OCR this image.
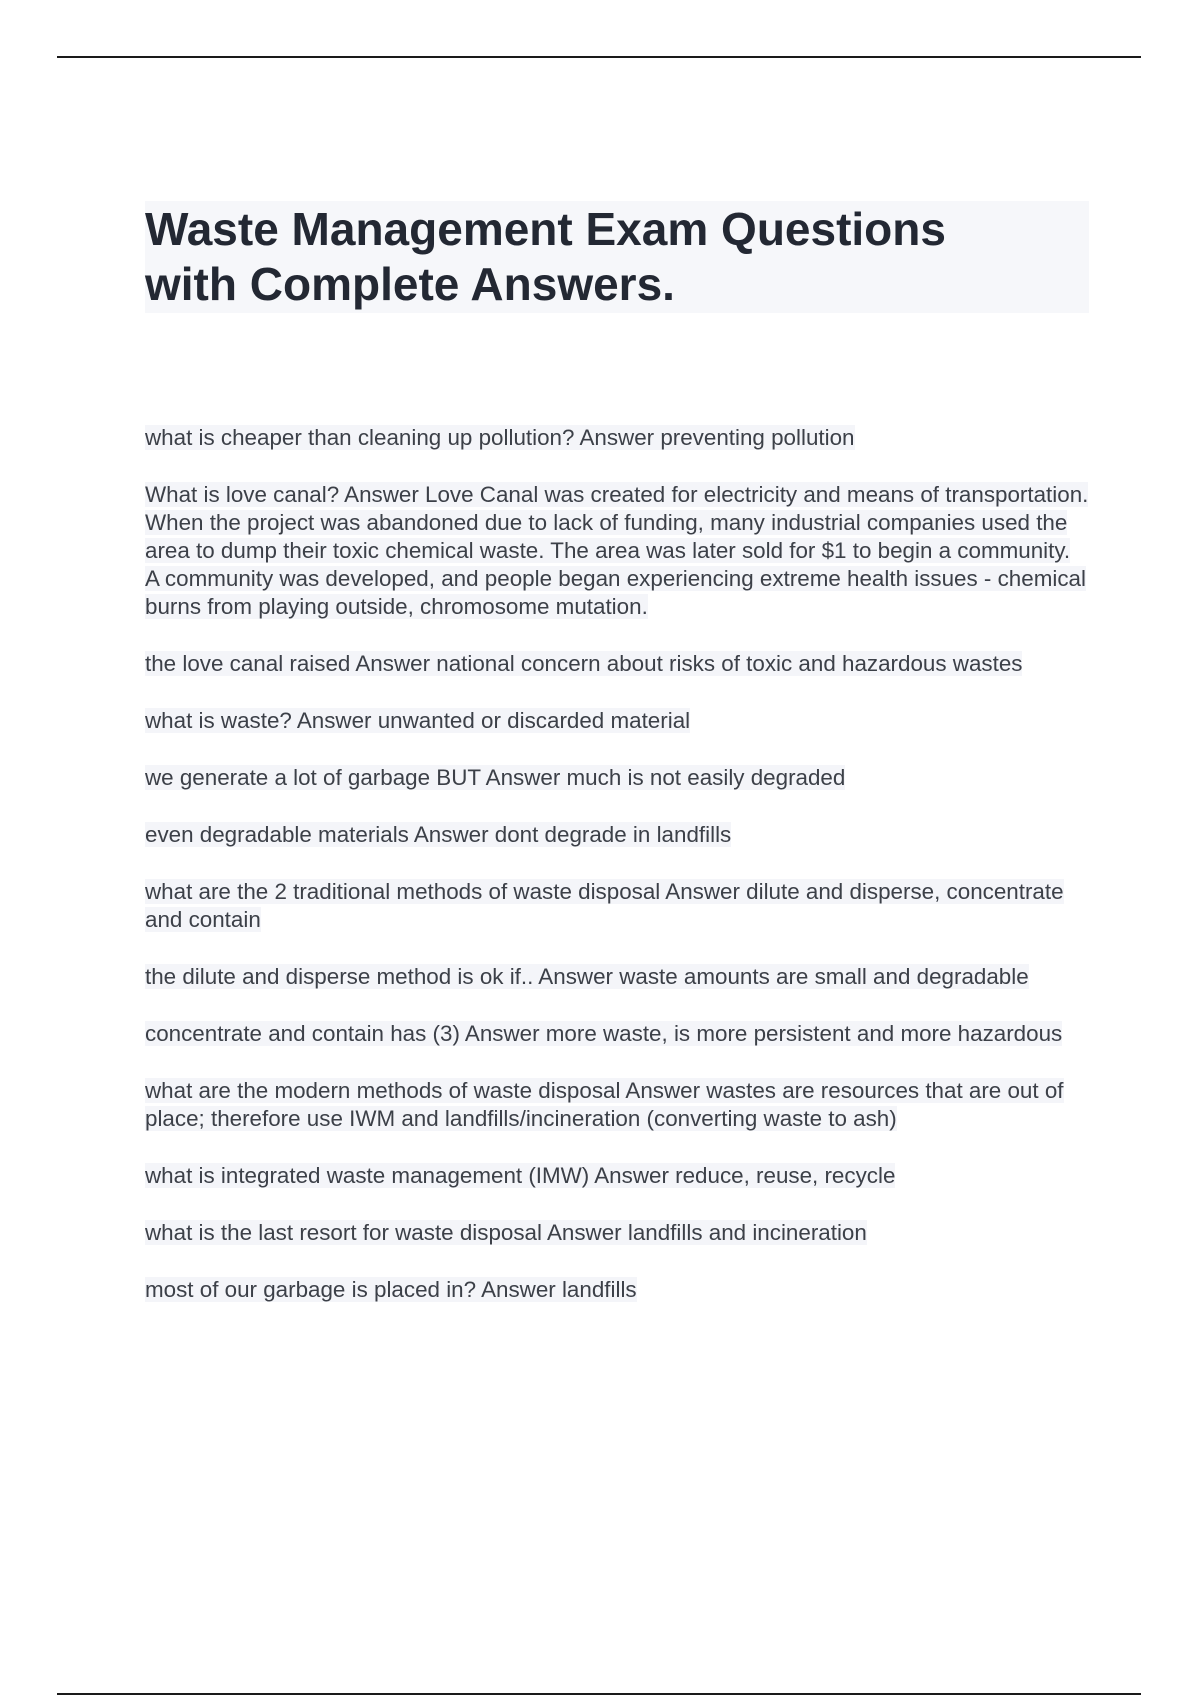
Waste Management Exam Questions
with Complete Answers.

what is cheaper than cleaning up pollution? Answer preventing pollution

What is love canal? Answer Love Canal was created for electricity and means of transportation. When the project was abandoned due to lack of funding, many industrial companies used the area to dump their toxic chemical waste. The area was later sold for $1 to begin a community. A community was developed, and people began experiencing extreme health issues - chemical burns from playing outside, chromosome mutation.

the love canal raised Answer national concern about risks of toxic and hazardous wastes

what is waste? Answer unwanted or discarded material

we generate a lot of garbage BUT Answer much is not easily degraded

even degradable materials Answer dont degrade in landfills

what are the 2 traditional methods of waste disposal Answer dilute and disperse, concentrate and contain

the dilute and disperse method is ok if.. Answer waste amounts are small and degradable

concentrate and contain has (3) Answer more waste, is more persistent and more hazardous

what are the modern methods of waste disposal Answer wastes are resources that are out of place; therefore use IWM and landfills/incineration (converting waste to ash)

what is integrated waste management (IMW) Answer reduce, reuse, recycle

what is the last resort for waste disposal Answer landfills and incineration

most of our garbage is placed in? Answer landfills
